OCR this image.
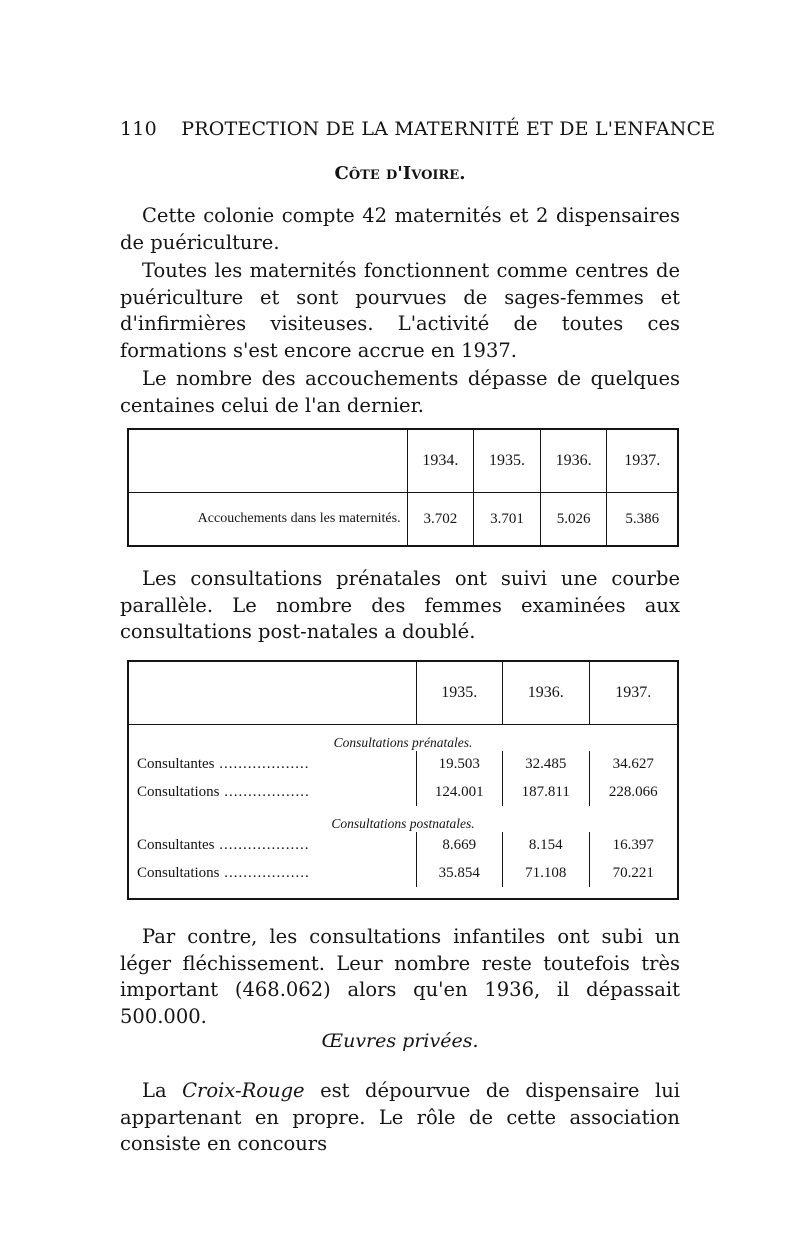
110 PROTECTION DE LA MATERNITÉ ET DE L'ENFANCE
Côte d'Ivoire.

Cette colonie compte 42 maternités et 2 dispensaires de puériculture.

Toutes les maternités fonctionnent comme centres de puériculture et sont pourvues de sages-femmes et d'infirmières visiteuses. L'activité de toutes ces formations s'est encore accrue en 1937.

Le nombre des accouchements dépasse de quelques centaines celui de l'an dernier.

	1934.	1935.	1936.	1937.
Accouchements dans les maternités.	3.702	3.701	5.026	5.386

Les consultations prénatales ont suivi une courbe parallèle. Le nombre des femmes examinées aux consultations post-natales a doublé.

	1935.	1936.	1937.
Consultations prénatales.			
Consultantes ...................	19.503	32.485	34.627
Consultations ..................	124.001	187.811	228.066
Consultations postnatales.			
Consultantes ...................	8.669	8.154	16.397
Consultations ..................	35.854	71.108	70.221

Par contre, les consultations infantiles ont subi un léger fléchissement. Leur nombre reste toutefois très important (468.062) alors qu'en 1936, il dépassait 500.000.

Œuvres privées.

La Croix-Rouge est dépourvue de dispensaire lui appartenant en propre. Le rôle de cette association consiste en concours
